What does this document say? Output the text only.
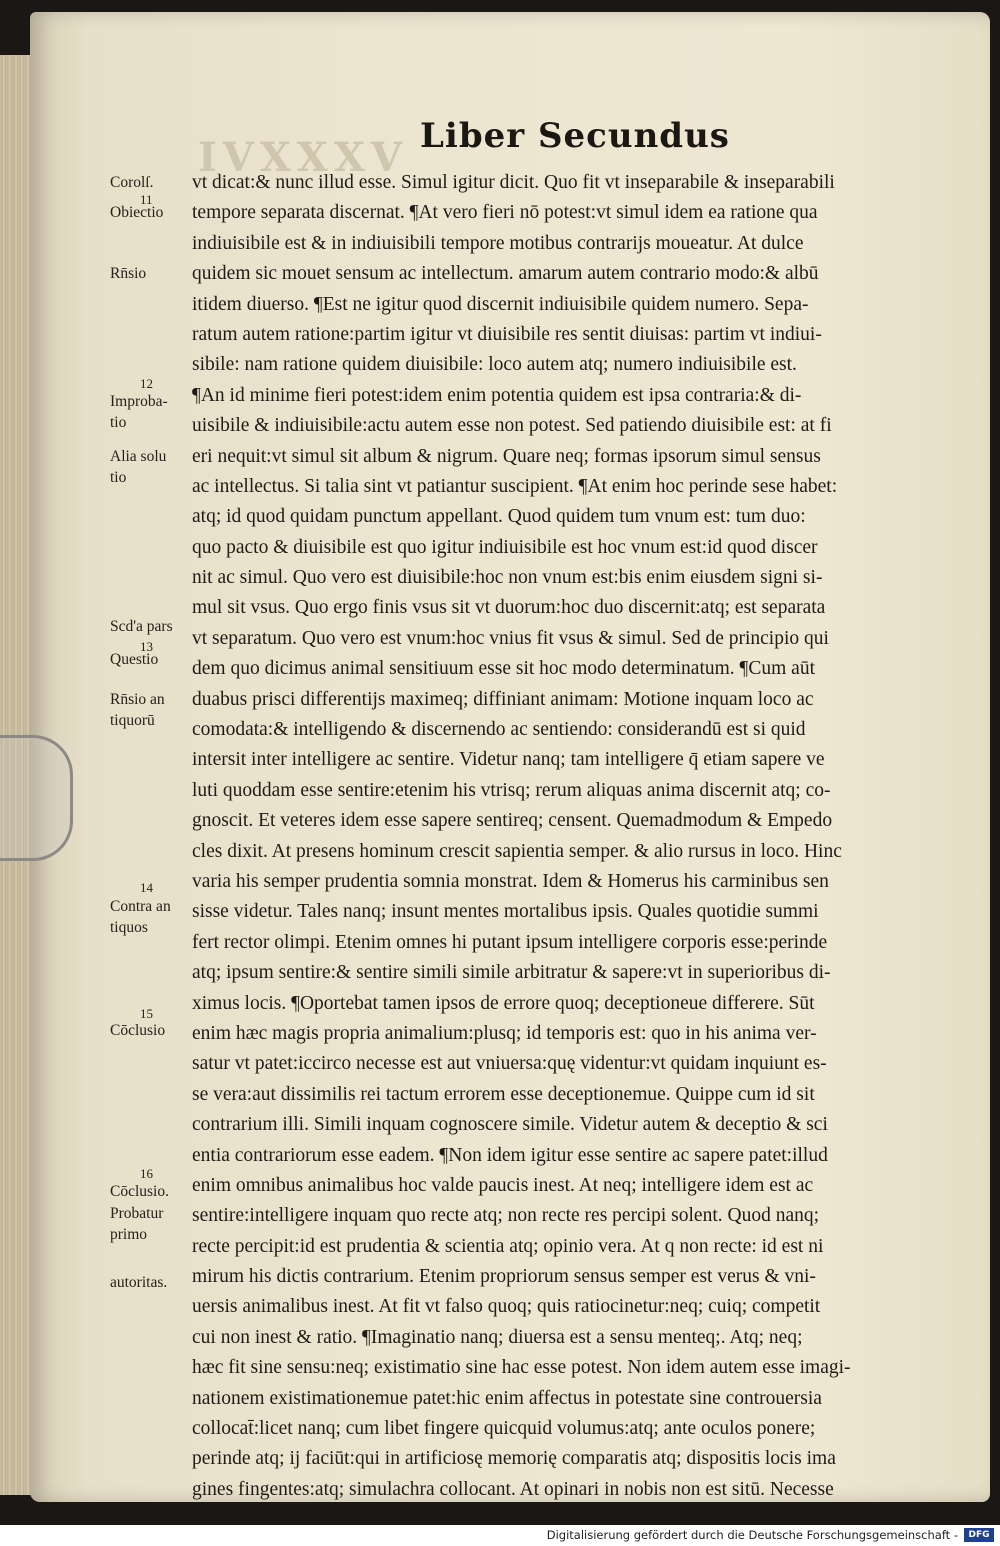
IVXXXV Liber Secundus
vt dicat:& nunc illud esse. Simul igitur dicit. Quo fit vt inseparabile & inseparabili
tempore separata discernat. ¶At vero fieri nō potest:vt simul idem ea ratione qua
indiuisibile est & in indiuisibili tempore motibus contrarijs moueatur. At dulce
quidem sic mouet sensum ac intellectum. amarum autem contrario modo:& albū
itidem diuerso. ¶Est ne igitur quod discernit indiuisibile quidem numero. Sepa-
ratum autem ratione:partim igitur vt diuisibile res sentit diuisas: partim vt indiui-
sibile: nam ratione quidem diuisibile: loco autem atq; numero indiuisibile est.
¶An id minime fieri potest:idem enim potentia quidem est ipsa contraria:& di-
uisibile & indiuisibile:actu autem esse non potest. Sed patiendo diuisibile est: at fi
eri nequit:vt simul sit album & nigrum. Quare neq; formas ipsorum simul sensus
ac intellectus. Si talia sint vt patiantur suscipient. ¶At enim hoc perinde sese habet:
atq; id quod quidam punctum appellant. Quod quidem tum vnum est: tum duo:
quo pacto & diuisibile est quo igitur indiuisibile est hoc vnum est:id quod discer
nit ac simul. Quo vero est diuisibile:hoc non vnum est:bis enim eiusdem signi si-
mul sit vsus. Quo ergo finis vsus sit vt duorum:hoc duo discernit:atq; est separata
vt separatum. Quo vero est vnum:hoc vnius fit vsus & simul. Sed de principio qui
dem quo dicimus animal sensitiuum esse sit hoc modo determinatum. ¶Cum aūt
duabus prisci differentijs maximeq; diffiniant animam: Motione inquam loco ac
comodata:& intelligendo & discernendo ac sentiendo: considerandū est si quid
intersit inter intelligere ac sentire. Videtur nanq; tam intelligere q̄ etiam sapere ve
luti quoddam esse sentire:etenim his vtrisq; rerum aliquas anima discernit atq; co-
gnoscit. Et veteres idem esse sapere sentireq; censent. Quemadmodum & Empedo
cles dixit. At presens hominum crescit sapientia semper. & alio rursus in loco. Hinc
varia his semper prudentia somnia monstrat. Idem & Homerus his carminibus sen
sisse videtur. Tales nanq; insunt mentes mortalibus ipsis. Quales quotidie summi
fert rector olimpi. Etenim omnes hi putant ipsum intelligere corporis esse:perinde
atq; ipsum sentire:& sentire simili simile arbitratur & sapere:vt in superioribus di-
ximus locis. ¶Oportebat tamen ipsos de errore quoq; deceptioneue differere. Sūt
enim hæc magis propria animalium:plusq; id temporis est: quo in his anima ver-
satur vt patet:iccirco necesse est aut vniuersa:quę videntur:vt quidam inquiunt es-
se vera:aut dissimilis rei tactum errorem esse deceptionemue. Quippe cum id sit
contrarium illi. Simili inquam cognoscere simile. Videtur autem & deceptio & sci
entia contrariorum esse eadem. ¶Non idem igitur esse sentire ac sapere patet:illud
enim omnibus animalibus hoc valde paucis inest. At neq; intelligere idem est ac
sentire:intelligere inquam quo recte atq; non recte res percipi solent. Quod nanq;
recte percipit:id est prudentia & scientia atq; opinio vera. At q non recte: id est ni
mirum his dictis contrarium. Etenim propriorum sensus semper est verus & vni-
uersis animalibus inest. At fit vt falso quoq; quis ratiocinetur:neq; cuiq; competit
cui non inest & ratio. ¶Imaginatio nanq; diuersa est a sensu menteq;. Atq; neq;
hæc fit sine sensu:neq; existimatio sine hac esse potest. Non idem autem esse imagi-
nationem existimationemue patet:hic enim affectus in potestate sine controuersia
collocat̄:licet nanq; cum libet fingere quicquid volumus:atq; ante oculos ponere;
perinde atq; ij faciūt:qui in artificiosę memorię comparatis atq; dispositis locis ima
gines fingentes:atq; simulachra collocant. At opinari in nobis non est sitū. Necesse
Corolſ.
11
Obiectio
Rn̄sio
12
Improba-
tio
Alia solu
tio
Scd'a pars
13
Questio
Rn̄sio an
tiquorū
14
Contra an
tiquos
15
Cōclusio
16
Cōclusio.
Probatur
primo
autoritas.
Digitalisierung gefördert durch die Deutsche Forschungsgemeinschaft -	DFG
